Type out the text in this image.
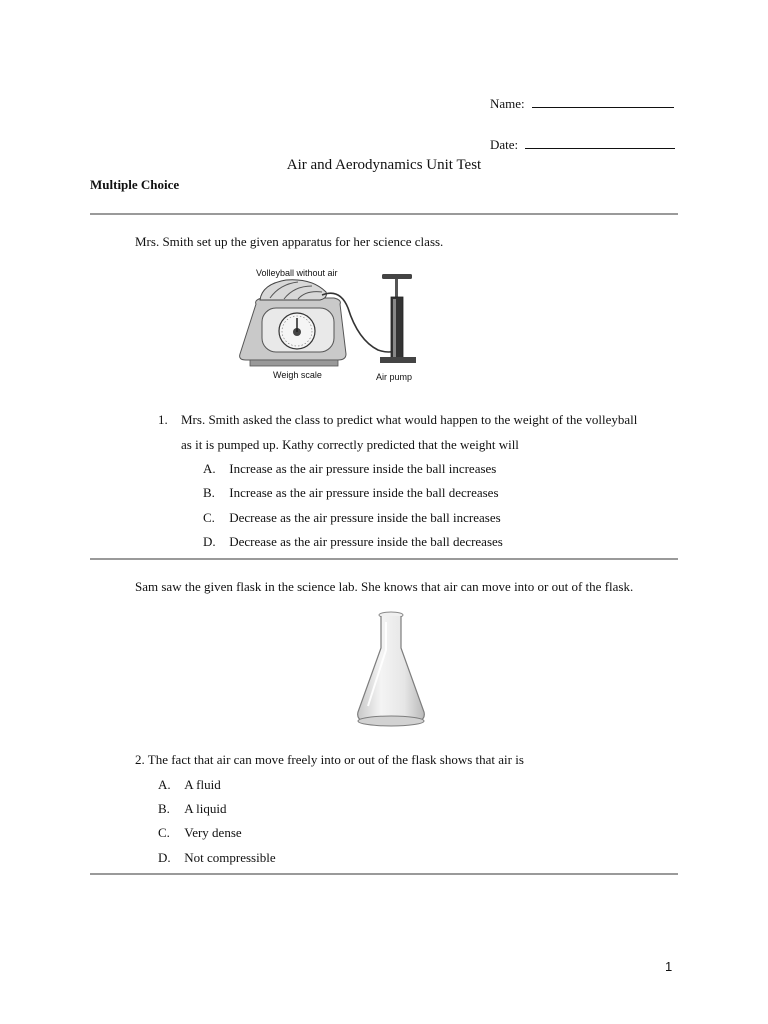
Name:
Date:
Air and Aerodynamics Unit Test
Multiple Choice
Mrs. Smith set up the given apparatus for her science class.
Volleyball without air
Weigh scale	Air pump
1. Mrs. Smith asked the class to predict what would happen to the weight of the volleyball
as it is pumped up. Kathy correctly predicted that the weight will
A. Increase as the air pressure inside the ball increases
B. Increase as the air pressure inside the ball decreases
C. Decrease as the air pressure inside the ball increases
D. Decrease as the air pressure inside the ball decreases
Sam saw the given flask in the science lab. She knows that air can move into or out of the flask.
2. The fact that air can move freely into or out of the flask shows that air is
A. A fluid
B. A liquid
C. Very dense
D. Not compressible
1
